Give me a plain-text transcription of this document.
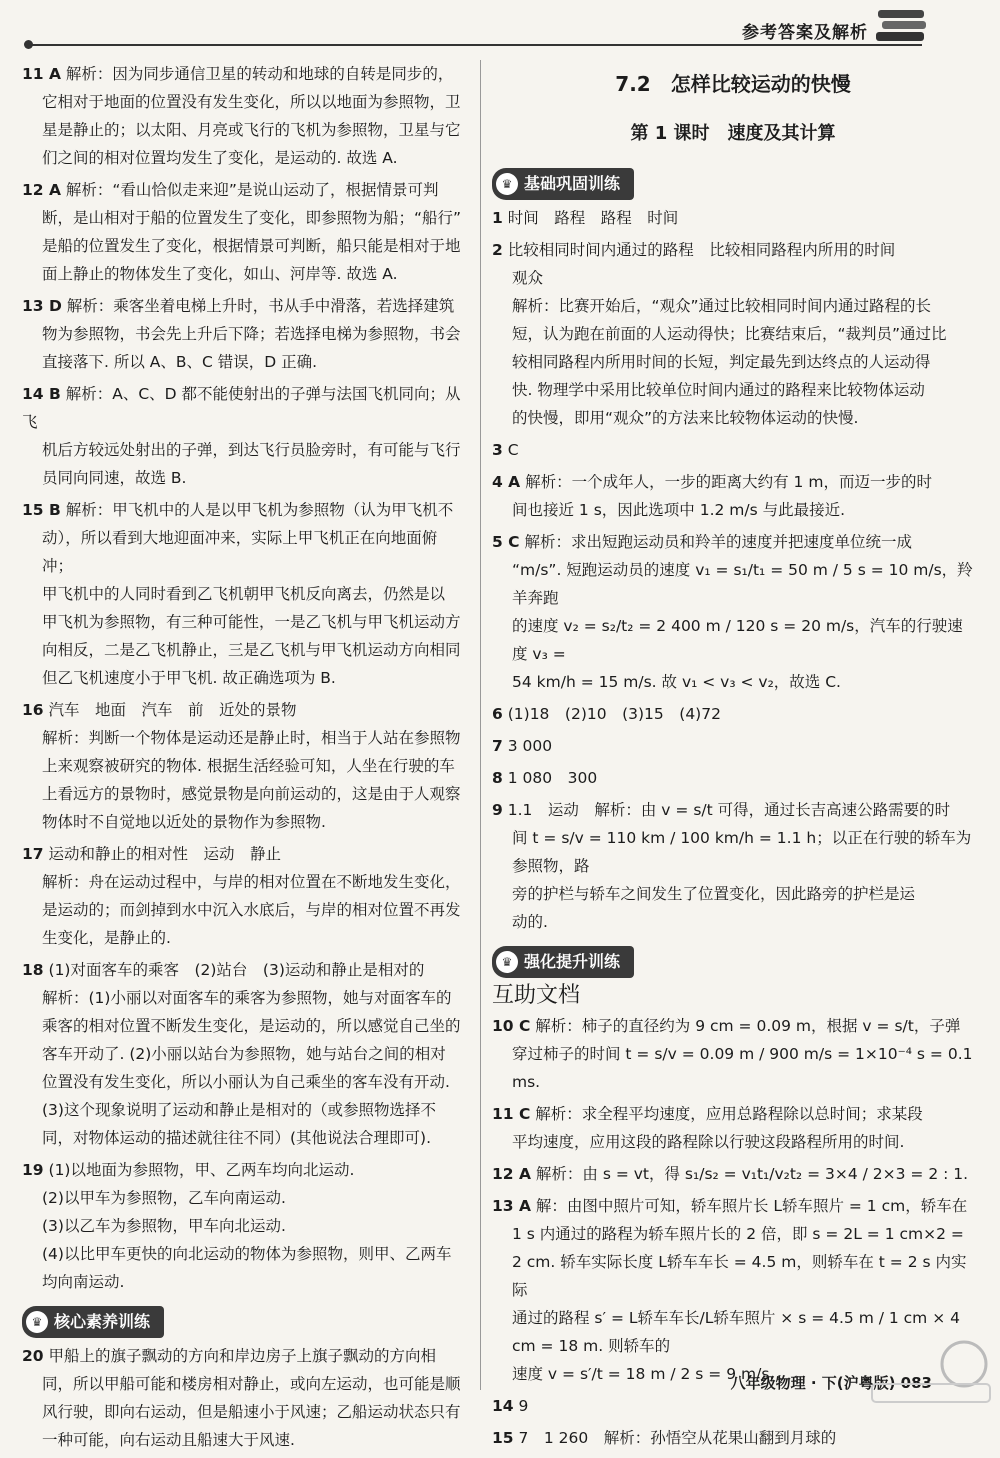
参考答案及解析
11 A 解析：因为同步通信卫星的转动和地球的自转是同步的，
它相对于地面的位置没有发生变化，所以以地面为参照物，卫
星是静止的；以太阳、月亮或飞行的飞机为参照物，卫星与它
们之间的相对位置均发生了变化，是运动的. 故选 A.
12 A 解析：“看山恰似走来迎”是说山运动了，根据情景可判
断，是山相对于船的位置发生了变化，即参照物为船；“船行”
是船的位置发生了变化，根据情景可判断，船只能是相对于地
面上静止的物体发生了变化，如山、河岸等. 故选 A.
13 D 解析：乘客坐着电梯上升时，书从手中滑落，若选择建筑
物为参照物，书会先上升后下降；若选择电梯为参照物，书会
直接落下. 所以 A、B、C 错误，D 正确.
14 B 解析：A、C、D 都不能使射出的子弹与法国飞机同向；从飞
机后方较远处射出的子弹，到达飞行员脸旁时，有可能与飞行
员同向同速，故选 B.
15 B 解析：甲飞机中的人是以甲飞机为参照物（认为甲飞机不
动），所以看到大地迎面冲来，实际上甲飞机正在向地面俯冲；
甲飞机中的人同时看到乙飞机朝甲飞机反向离去，仍然是以
甲飞机为参照物，有三种可能性，一是乙飞机与甲飞机运动方
向相反，二是乙飞机静止，三是乙飞机与甲飞机运动方向相同
但乙飞机速度小于甲飞机. 故正确选项为 B.
16 汽车　地面　汽车　前　近处的景物
解析：判断一个物体是运动还是静止时，相当于人站在参照物
上来观察被研究的物体. 根据生活经验可知，人坐在行驶的车
上看远方的景物时，感觉景物是向前运动的，这是由于人观察
物体时不自觉地以近处的景物作为参照物.
17 运动和静止的相对性　运动　静止
解析：舟在运动过程中，与岸的相对位置在不断地发生变化，
是运动的；而剑掉到水中沉入水底后，与岸的相对位置不再发
生变化，是静止的.
18 (1)对面客车的乘客　(2)站台　(3)运动和静止是相对的
解析：(1)小丽以对面客车的乘客为参照物，她与对面客车的
乘客的相对位置不断发生变化，是运动的，所以感觉自己坐的
客车开动了. (2)小丽以站台为参照物，她与站台之间的相对
位置没有发生变化，所以小丽认为自己乘坐的客车没有开动.
(3)这个现象说明了运动和静止是相对的（或参照物选择不
同，对物体运动的描述就往往不同）(其他说法合理即可).
19 (1)以地面为参照物，甲、乙两车均向北运动.
(2)以甲车为参照物，乙车向南运动.
(3)以乙车为参照物，甲车向北运动.
(4)以比甲车更快的向北运动的物体为参照物，则甲、乙两车
均向南运动.
♛ 核心素养训练
20 甲船上的旗子飘动的方向和岸边房子上旗子飘动的方向相
同，所以甲船可能和楼房相对静止，或向左运动，也可能是顺
风行驶，即向右运动，但是船速小于风速；乙船运动状态只有
一种可能，向右运动且船速大于风速.
7.2　怎样比较运动的快慢
第 1 课时　速度及其计算
♛ 基础巩固训练
1 时间　路程　路程　时间
2 比较相同时间内通过的路程　比较相同路程内所用的时间
观众
解析：比赛开始后，“观众”通过比较相同时间内通过路程的长
短，认为跑在前面的人运动得快；比赛结束后，“裁判员”通过比
较相同路程内所用时间的长短，判定最先到达终点的人运动得
快. 物理学中采用比较单位时间内通过的路程来比较物体运动
的快慢，即用“观众”的方法来比较物体运动的快慢.
3 C
4 A 解析：一个成年人，一步的距离大约有 1 m，而迈一步的时
间也接近 1 s，因此选项中 1.2 m/s 与此最接近.
5 C 解析：求出短跑运动员和羚羊的速度并把速度单位统一成
“m/s”. 短跑运动员的速度 v₁ = s₁/t₁ = 50 m / 5 s = 10 m/s，羚羊奔跑
的速度 v₂ = s₂/t₂ = 2 400 m / 120 s = 20 m/s，汽车的行驶速度 v₃ =
54 km/h = 15 m/s. 故 v₁ < v₃ < v₂，故选 C.
6 (1)18　(2)10　(3)15　(4)72
7 3 000
8 1 080　300
9 1.1　运动　解析：由 v = s/t 可得，通过长吉高速公路需要的时
间 t = s/v = 110 km / 100 km/h = 1.1 h；以正在行驶的轿车为参照物，路
旁的护栏与轿车之间发生了位置变化，因此路旁的护栏是运
动的.
♛ 强化提升训练
互助文档
10 C 解析：柿子的直径约为 9 cm = 0.09 m，根据 v = s/t，子弹
穿过柿子的时间 t = s/v = 0.09 m / 900 m/s = 1×10⁻⁴ s = 0.1 ms.
11 C 解析：求全程平均速度，应用总路程除以总时间；求某段
平均速度，应用这段的路程除以行驶这段路程所用的时间.
12 A 解析：由 s = vt，得 s₁/s₂ = v₁t₁/v₂t₂ = 3×4 / 2×3 = 2 : 1.
13 A 解：由图中照片可知，轿车照片长 L轿车照片 = 1 cm，轿车在
1 s 内通过的路程为轿车照片长的 2 倍，即 s = 2L = 1 cm×2 =
2 cm. 轿车实际长度 L轿车车长 = 4.5 m，则轿车在 t = 2 s 内实际
通过的路程 s′ = L轿车车长/L轿车照片 × s = 4.5 m / 1 cm × 4 cm = 18 m. 则轿车的
速度 v = s′/t = 18 m / 2 s = 9 m/s.
14 9
15 7　1 260　解析：孙悟空从花果山翻到月球的
八年级物理 · 下(沪粤版) 083
